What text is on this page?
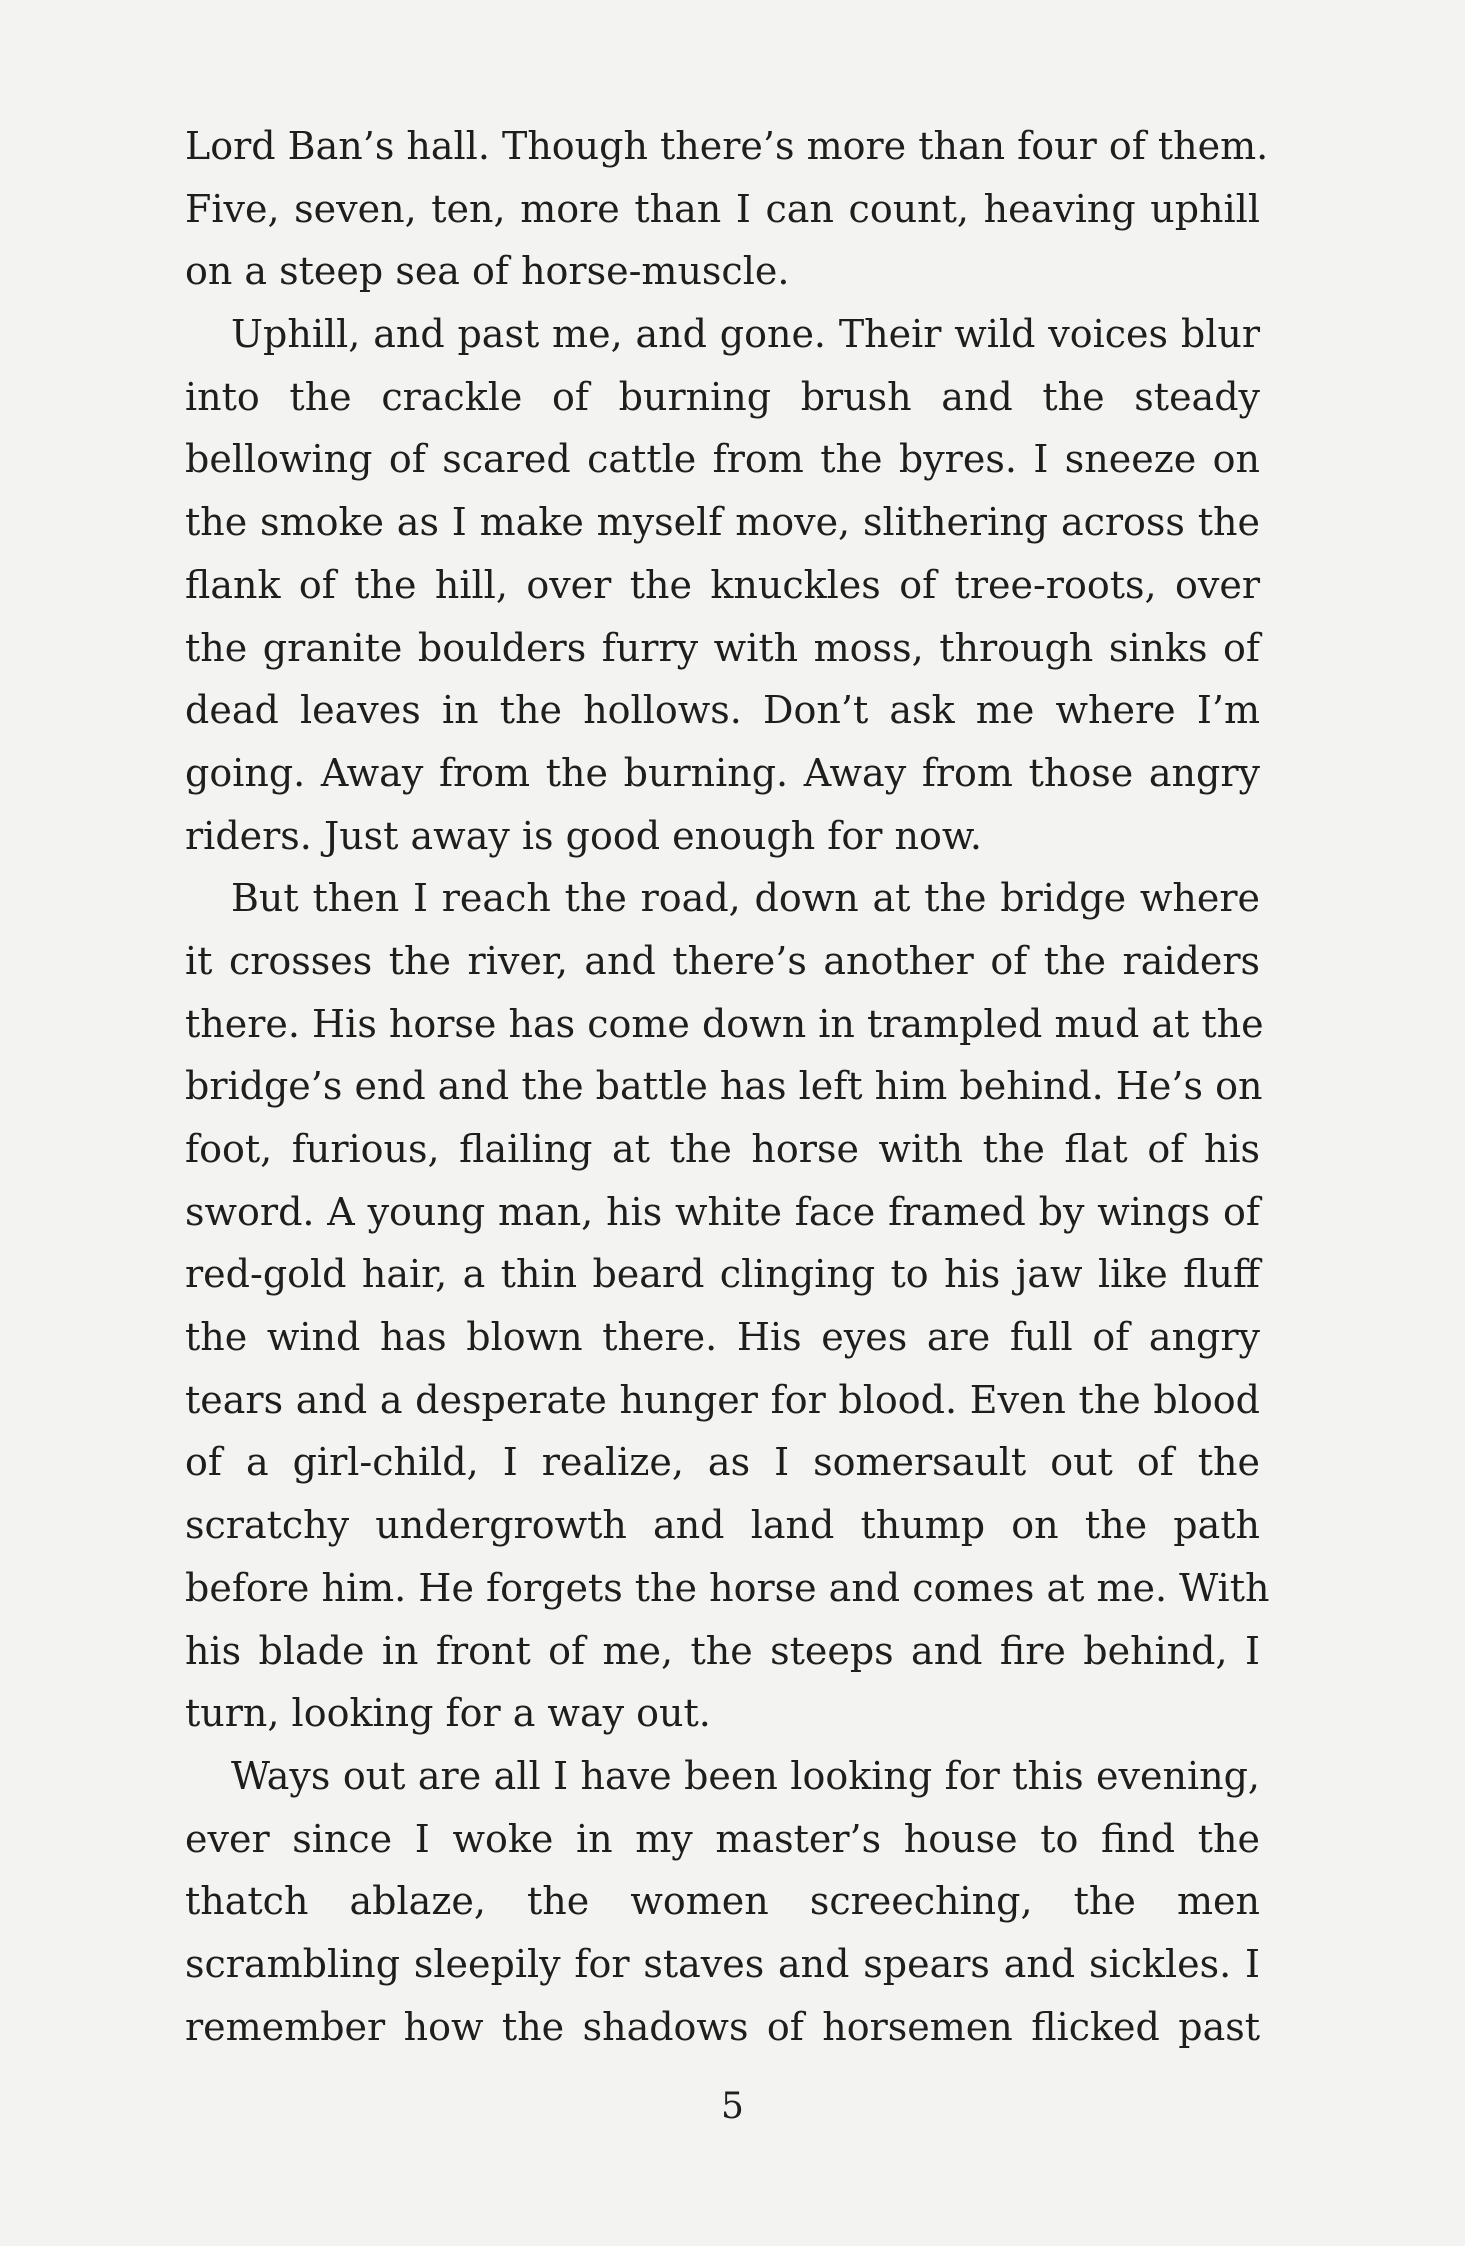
Lord Ban’s hall. Though there’s more than four of them.
Five, seven, ten, more than I can count, heaving uphill
on a steep sea of horse-muscle.
Uphill, and past me, and gone. Their wild voices blur
into the crackle of burning brush and the steady
bellowing of scared cattle from the byres. I sneeze on
the smoke as I make myself move, slithering across the
flank of the hill, over the knuckles of tree-roots, over
the granite boulders furry with moss, through sinks of
dead leaves in the hollows. Don’t ask me where I’m
going. Away from the burning. Away from those angry
riders. Just away is good enough for now.
But then I reach the road, down at the bridge where
it crosses the river, and there’s another of the raiders
there. His horse has come down in trampled mud at the
bridge’s end and the battle has left him behind. He’s on
foot, furious, flailing at the horse with the flat of his
sword. A young man, his white face framed by wings of
red-gold hair, a thin beard clinging to his jaw like fluff
the wind has blown there. His eyes are full of angry
tears and a desperate hunger for blood. Even the blood
of a girl-child, I realize, as I somersault out of the
scratchy undergrowth and land thump on the path
before him. He forgets the horse and comes at me. With
his blade in front of me, the steeps and fire behind, I
turn, looking for a way out.
Ways out are all I have been looking for this evening,
ever since I woke in my master’s house to find the
thatch ablaze, the women screeching, the men
scrambling sleepily for staves and spears and sickles. I
remember how the shadows of horsemen flicked past
5
